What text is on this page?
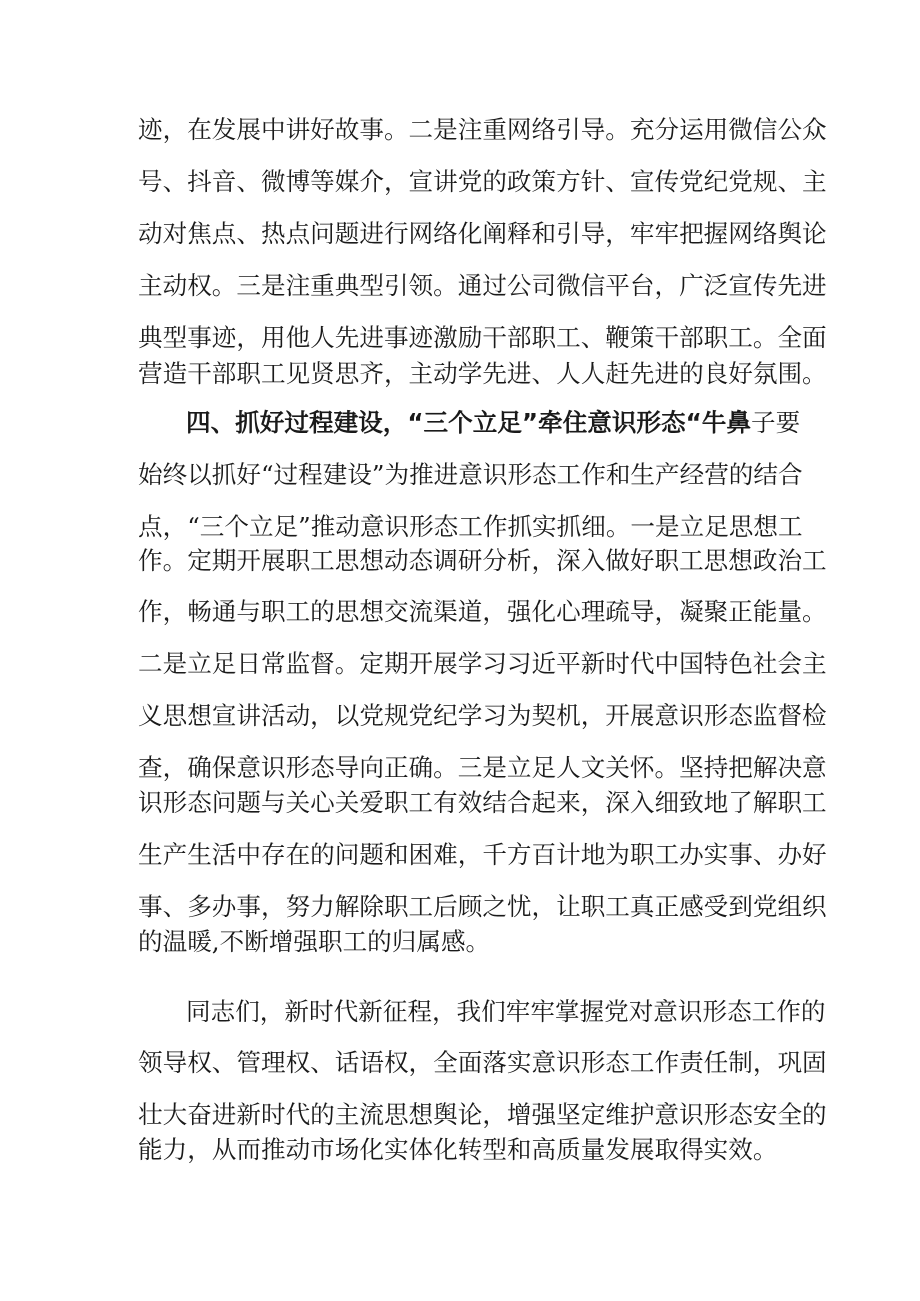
迹，在发展中讲好故事。二是注重网络引导。充分运用微信公众
号、抖音、微博等媒介，宣讲党的政策方针、宣传党纪党规、主
动对焦点、热点问题进行网络化阐释和引导，牢牢把握网络舆论
主动权。三是注重典型引领。通过公司微信平台，广泛宣传先进
典型事迹，用他人先进事迹激励干部职工、鞭策干部职工。全面
营造干部职工见贤思齐，主动学先进、人人赶先进的良好氛围。
四、抓好过程建设，“三个立足”牵住意识形态“牛鼻子要
始终以抓好“过程建设”为推进意识形态工作和生产经营的结合
点，“三个立足”推动意识形态工作抓实抓细。一是立足思想工
作。定期开展职工思想动态调研分析，深入做好职工思想政治工
作，畅通与职工的思想交流渠道，强化心理疏导，凝聚正能量。
二是立足日常监督。定期开展学习习近平新时代中国特色社会主
义思想宣讲活动，以党规党纪学习为契机，开展意识形态监督检
查，确保意识形态导向正确。三是立足人文关怀。坚持把解决意
识形态问题与关心关爱职工有效结合起来，深入细致地了解职工
生产生活中存在的问题和困难，千方百计地为职工办实事、办好
事、多办事，努力解除职工后顾之忧，让职工真正感受到党组织
的温暖,不断增强职工的归属感。
同志们，新时代新征程，我们牢牢掌握党对意识形态工作的
领导权、管理权、话语权，全面落实意识形态工作责任制，巩固
壮大奋进新时代的主流思想舆论，增强坚定维护意识形态安全的
能力，从而推动市场化实体化转型和高质量发展取得实效。
